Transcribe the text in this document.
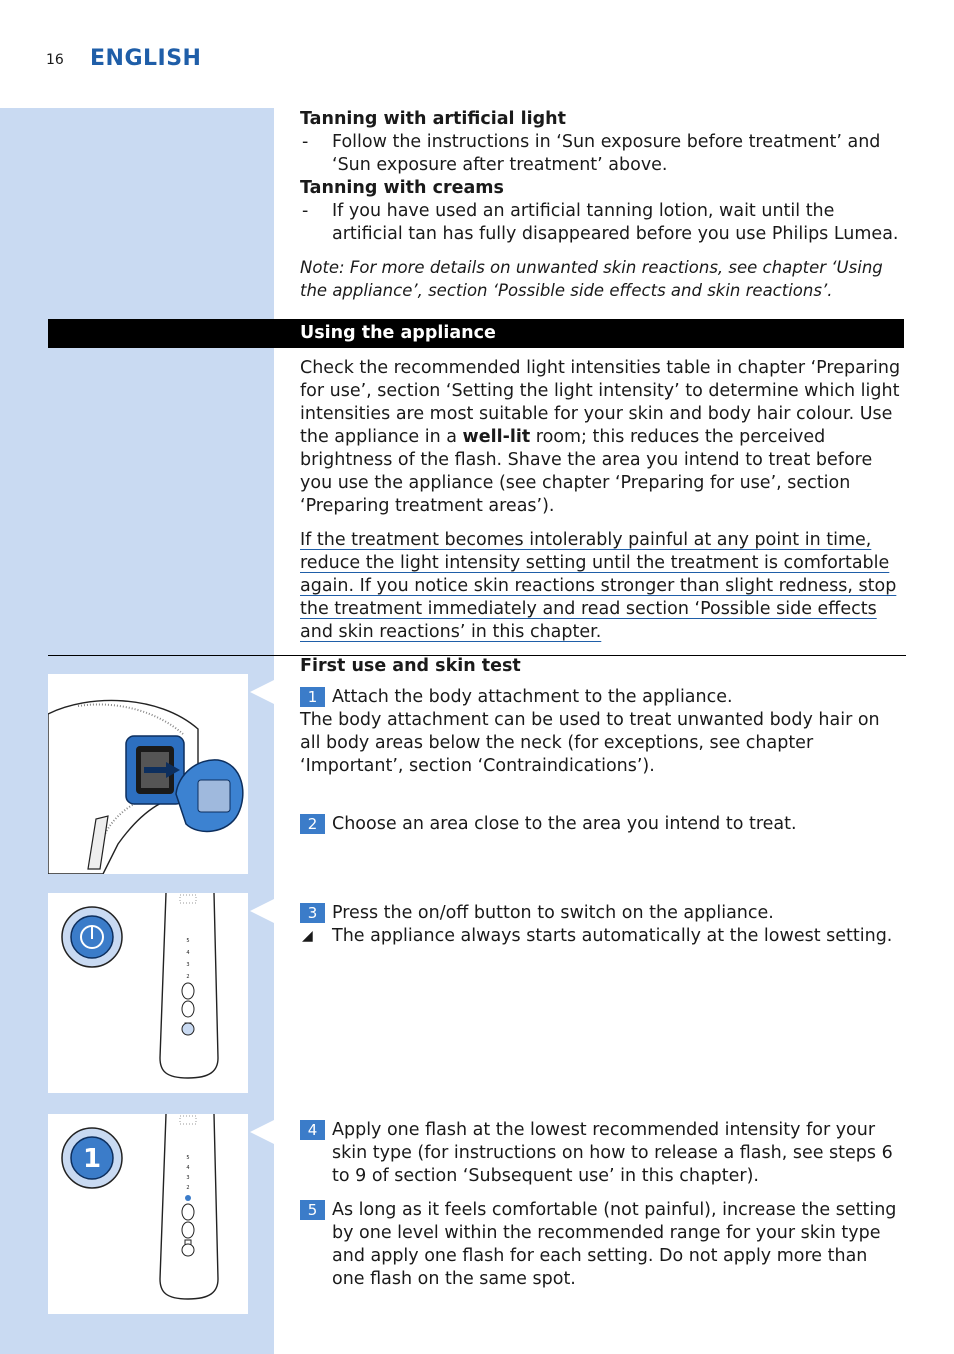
16 ENGLISH
Tanning with artificial light
- Follow the instructions in ‘Sun exposure before treatment’ and ‘Sun exposure after treatment’ above.
Tanning with creams
- If you have used an artificial tanning lotion, wait until the artificial tan has fully disappeared before you use Philips Lumea.
Note: For more details on unwanted skin reactions, see chapter ‘Using the appliance’, section ‘Possible side effects and skin reactions’.
Using the appliance
Check the recommended light intensities table in chapter ‘Preparing for use’, section ‘Setting the light intensity’ to determine which light intensities are most suitable for your skin and body hair colour. Use the appliance in a well-lit room; this reduces the perceived brightness of the flash. Shave the area you intend to treat before you use the appliance (see chapter ‘Preparing for use’, section ‘Preparing treatment areas’).
If the treatment becomes intolerably painful at any point in time, reduce the light intensity setting until the treatment is comfortable again. If you notice skin reactions stronger than slight redness, stop the treatment immediately and read section ‘Possible side effects and skin reactions’ in this chapter.
First use and skin test
5
4
3
2
1	5
4
3
2
1 Attach the body attachment to the appliance.
The body attachment can be used to treat unwanted body hair on all body areas below the neck (for exceptions, see chapter ‘Important’, section ‘Contraindications’).
2 Choose an area close to the area you intend to treat.
3 Press the on/off button to switch on the appliance.
◢ The appliance always starts automatically at the lowest setting.
4 Apply one flash at the lowest recommended intensity for your skin type (for instructions on how to release a flash, see steps 6 to 9 of section ‘Subsequent use’ in this chapter).
5 As long as it feels comfortable (not painful), increase the setting by one level within the recommended range for your skin type and apply one flash for each setting. Do not apply more than one flash on the same spot.
